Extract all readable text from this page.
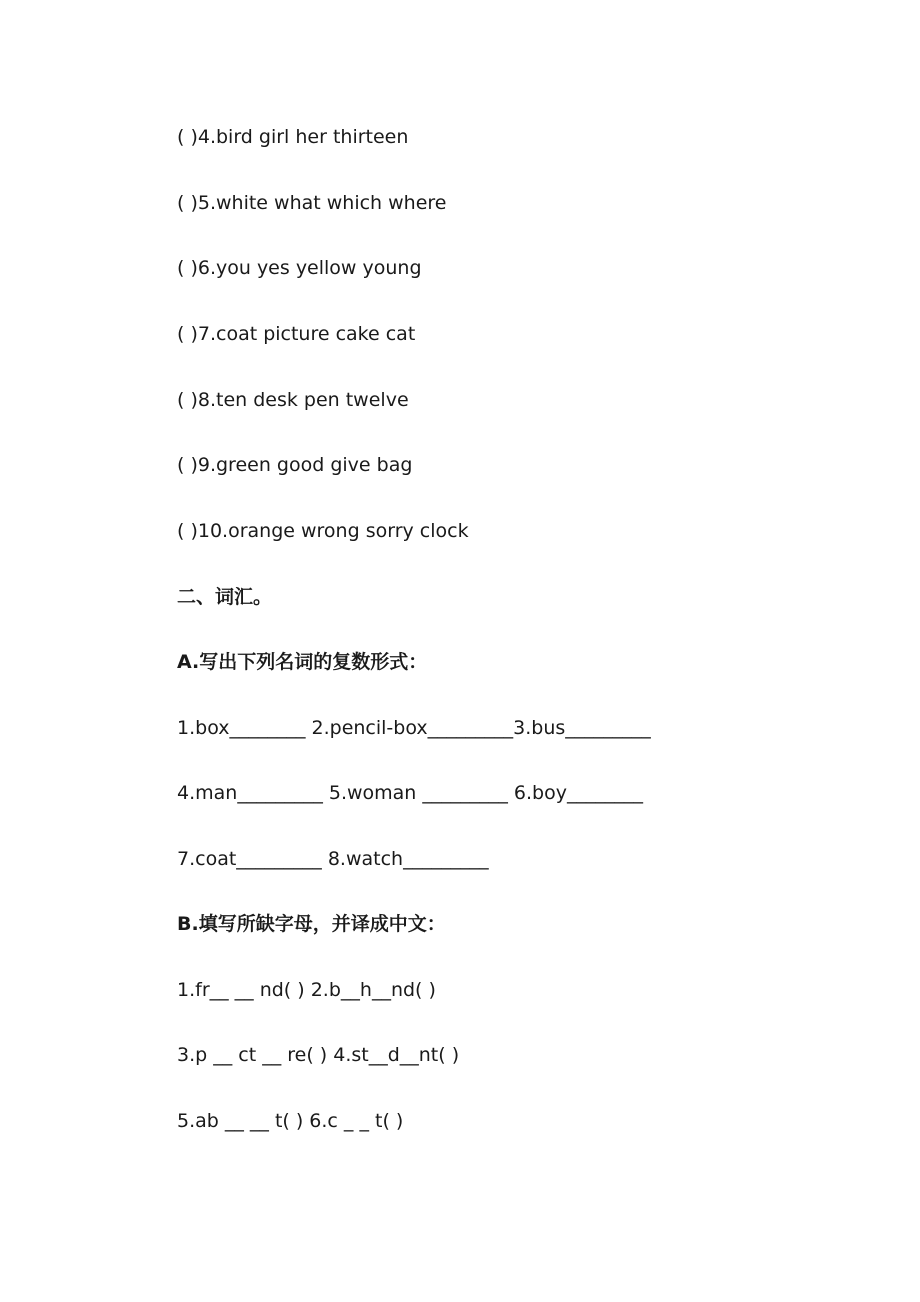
( )4.bird girl her thirteen
( )5.white what which where
( )6.you yes yellow young
( )7.coat picture cake cat
( )8.ten desk pen twelve
( )9.green good give bag
( )10.orange wrong sorry clock
二、词汇。
A.写出下列名词的复数形式：
1.box________ 2.pencil-box_________3.bus_________
4.man_________ 5.woman _________ 6.boy________
7.coat_________ 8.watch_________
B.填写所缺字母，并译成中文：
1.fr__ __ nd( ) 2.b__h__nd( )
3.p __ ct __ re( ) 4.st__d__nt( )
5.ab __ __ t( ) 6.c _ _ t( )
